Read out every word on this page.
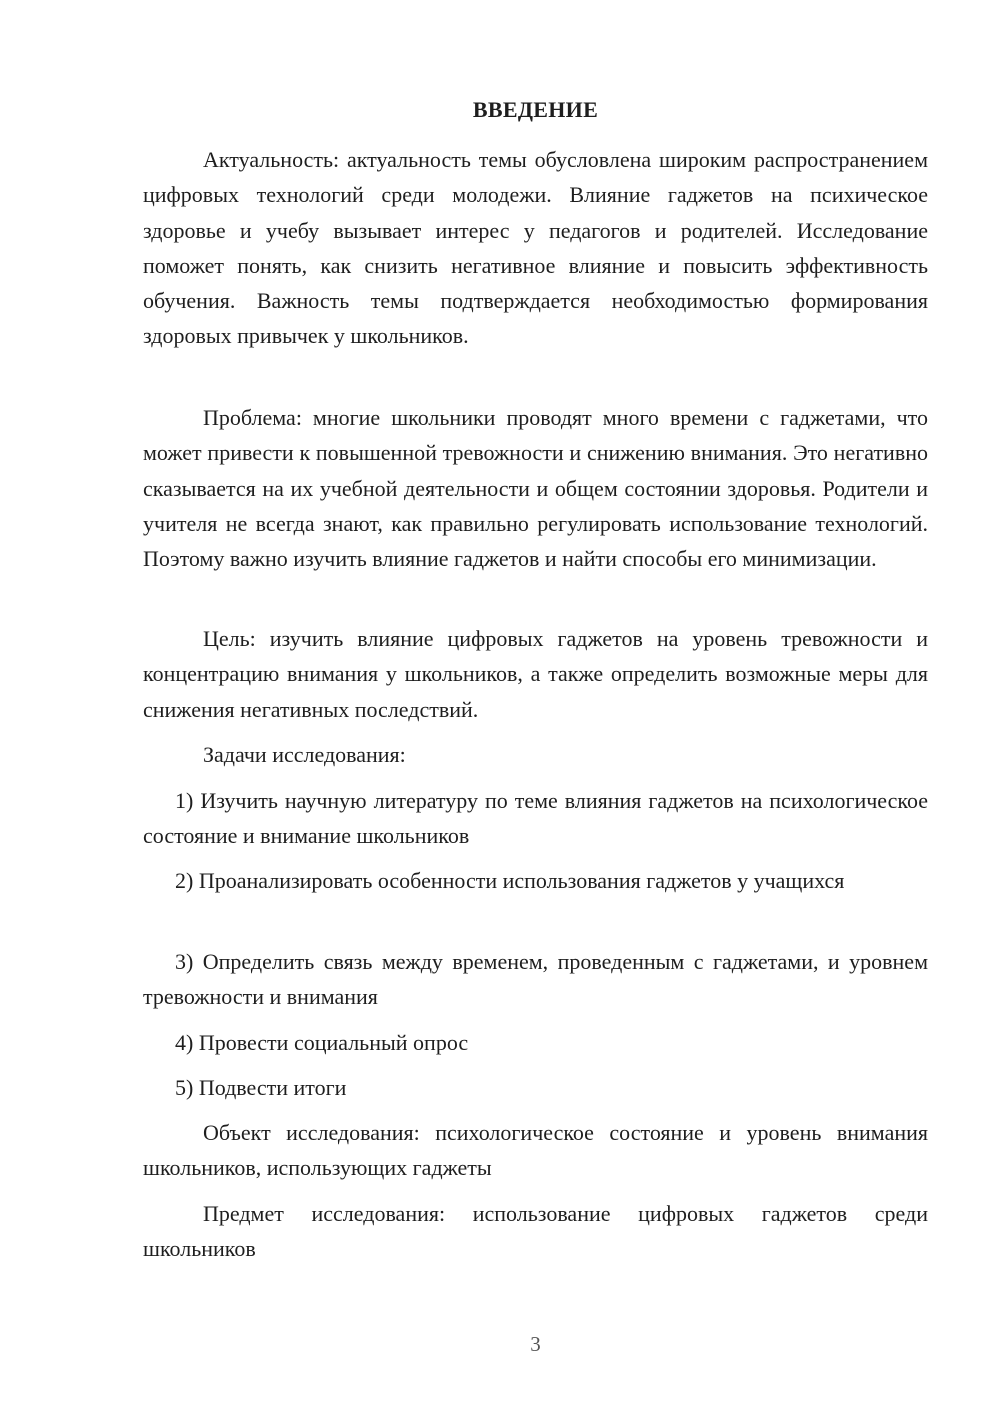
ВВЕДЕНИЕ

Актуальность: актуальность темы обусловлена широким распространением цифровых технологий среди молодежи. Влияние гаджетов на психическое здоровье и учебу вызывает интерес у педагогов и родителей. Исследование поможет понять, как снизить негативное влияние и повысить эффективность обучения. Важность темы подтверждается необходимостью формирования здоровых привычек у школьников.

Проблема: многие школьники проводят много времени с гаджетами, что может привести к повышенной тревожности и снижению внимания. Это негативно сказывается на их учебной деятельности и общем состоянии здоровья. Родители и учителя не всегда знают, как правильно регулировать использование технологий. Поэтому важно изучить влияние гаджетов и найти способы его минимизации.

Цель: изучить влияние цифровых гаджетов на уровень тревожности и концентрацию внимания у школьников, а также определить возможные меры для снижения негативных последствий.

Задачи исследования:

1) Изучить научную литературу по теме влияния гаджетов на психологическое состояние и внимание школьников

2) Проанализировать особенности использования гаджетов у учащихся

3) Определить связь между временем, проведенным с гаджетами, и уровнем тревожности и внимания

4) Провести социальный опрос

5) Подвести итоги

Объект исследования: психологическое состояние и уровень внимания школьников, использующих гаджеты

Предмет исследования: использование цифровых гаджетов среди школьников

3
